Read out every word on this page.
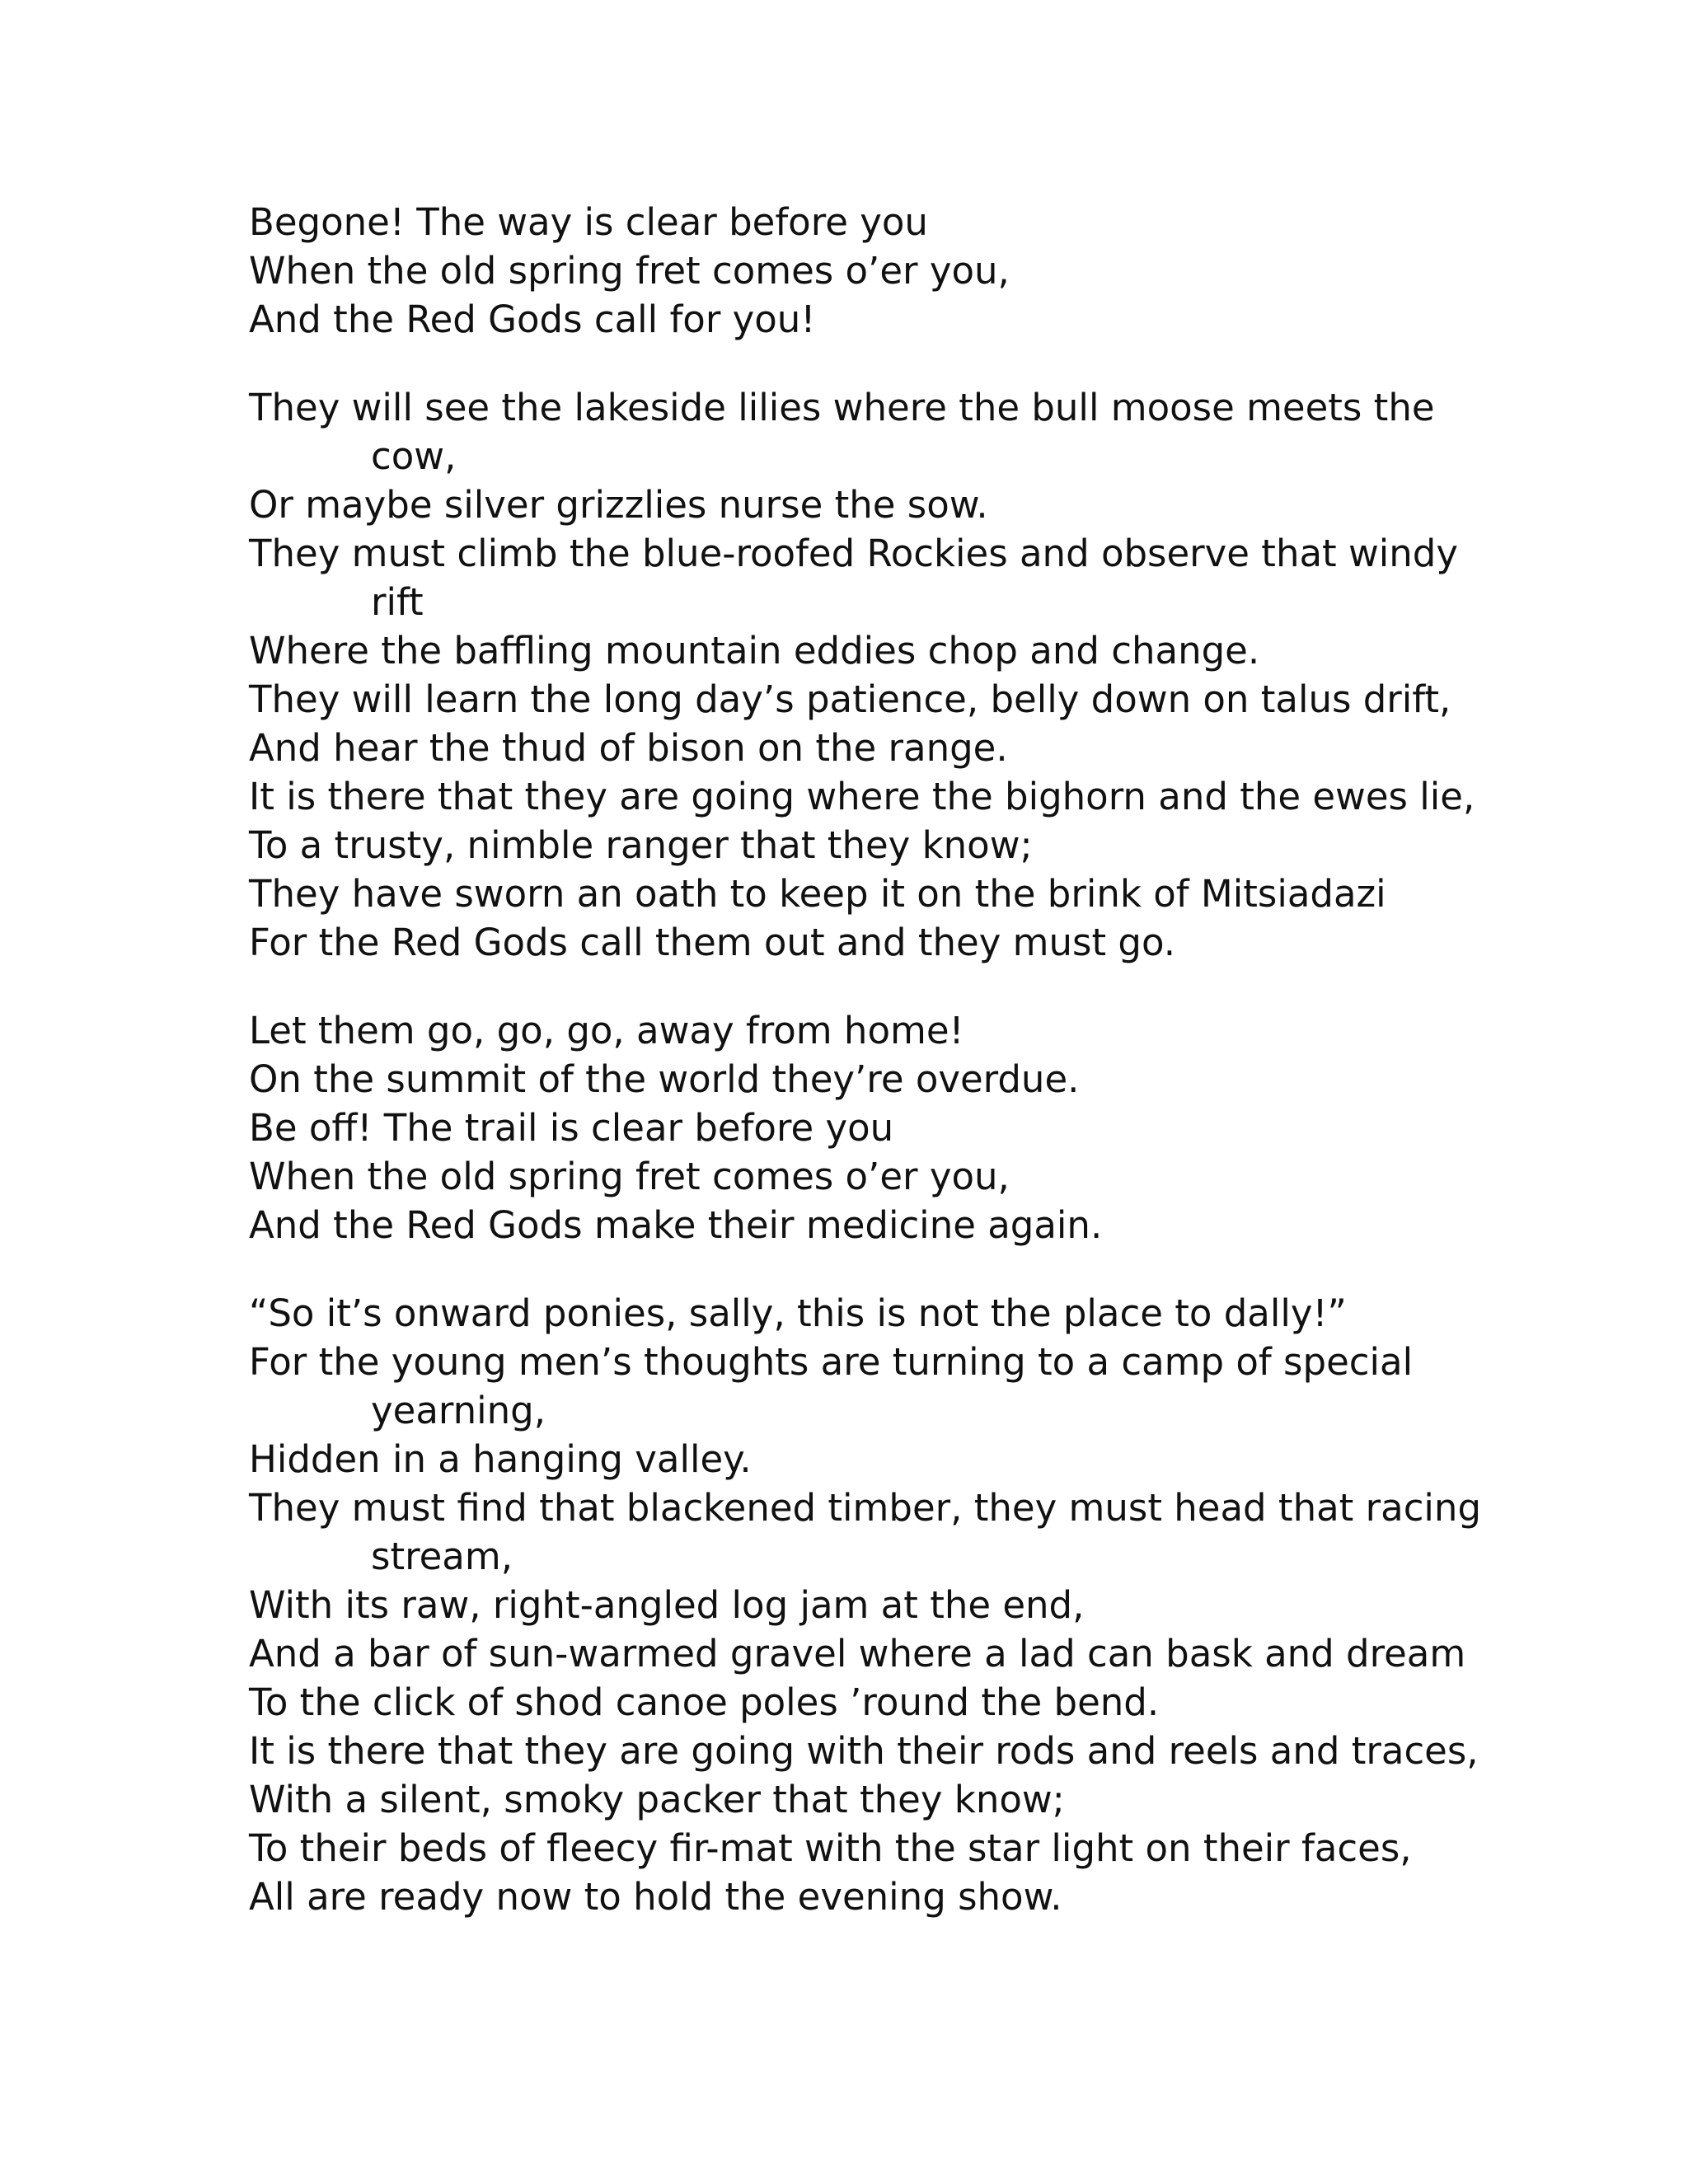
Begone! The way is clear before you
When the old spring fret comes o’er you,
And the Red Gods call for you!
They will see the lakeside lilies where the bull moose meets the
cow,
Or maybe silver grizzlies nurse the sow.
They must climb the blue-roofed Rockies and observe that windy
rift
Where the baffling mountain eddies chop and change.
They will learn the long day’s patience, belly down on talus drift,
And hear the thud of bison on the range.
It is there that they are going where the bighorn and the ewes lie,
To a trusty, nimble ranger that they know;
They have sworn an oath to keep it on the brink of Mitsiadazi
For the Red Gods call them out and they must go.
Let them go, go, go, away from home!
On the summit of the world they’re overdue.
Be off! The trail is clear before you
When the old spring fret comes o’er you,
And the Red Gods make their medicine again.
“So it’s onward ponies, sally, this is not the place to dally!”
For the young men’s thoughts are turning to a camp of special
yearning,
Hidden in a hanging valley.
They must find that blackened timber, they must head that racing
stream,
With its raw, right-angled log jam at the end,
And a bar of sun-warmed gravel where a lad can bask and dream
To the click of shod canoe poles ’round the bend.
It is there that they are going with their rods and reels and traces,
With a silent, smoky packer that they know;
To their beds of fleecy fir-mat with the star light on their faces,
All are ready now to hold the evening show.
